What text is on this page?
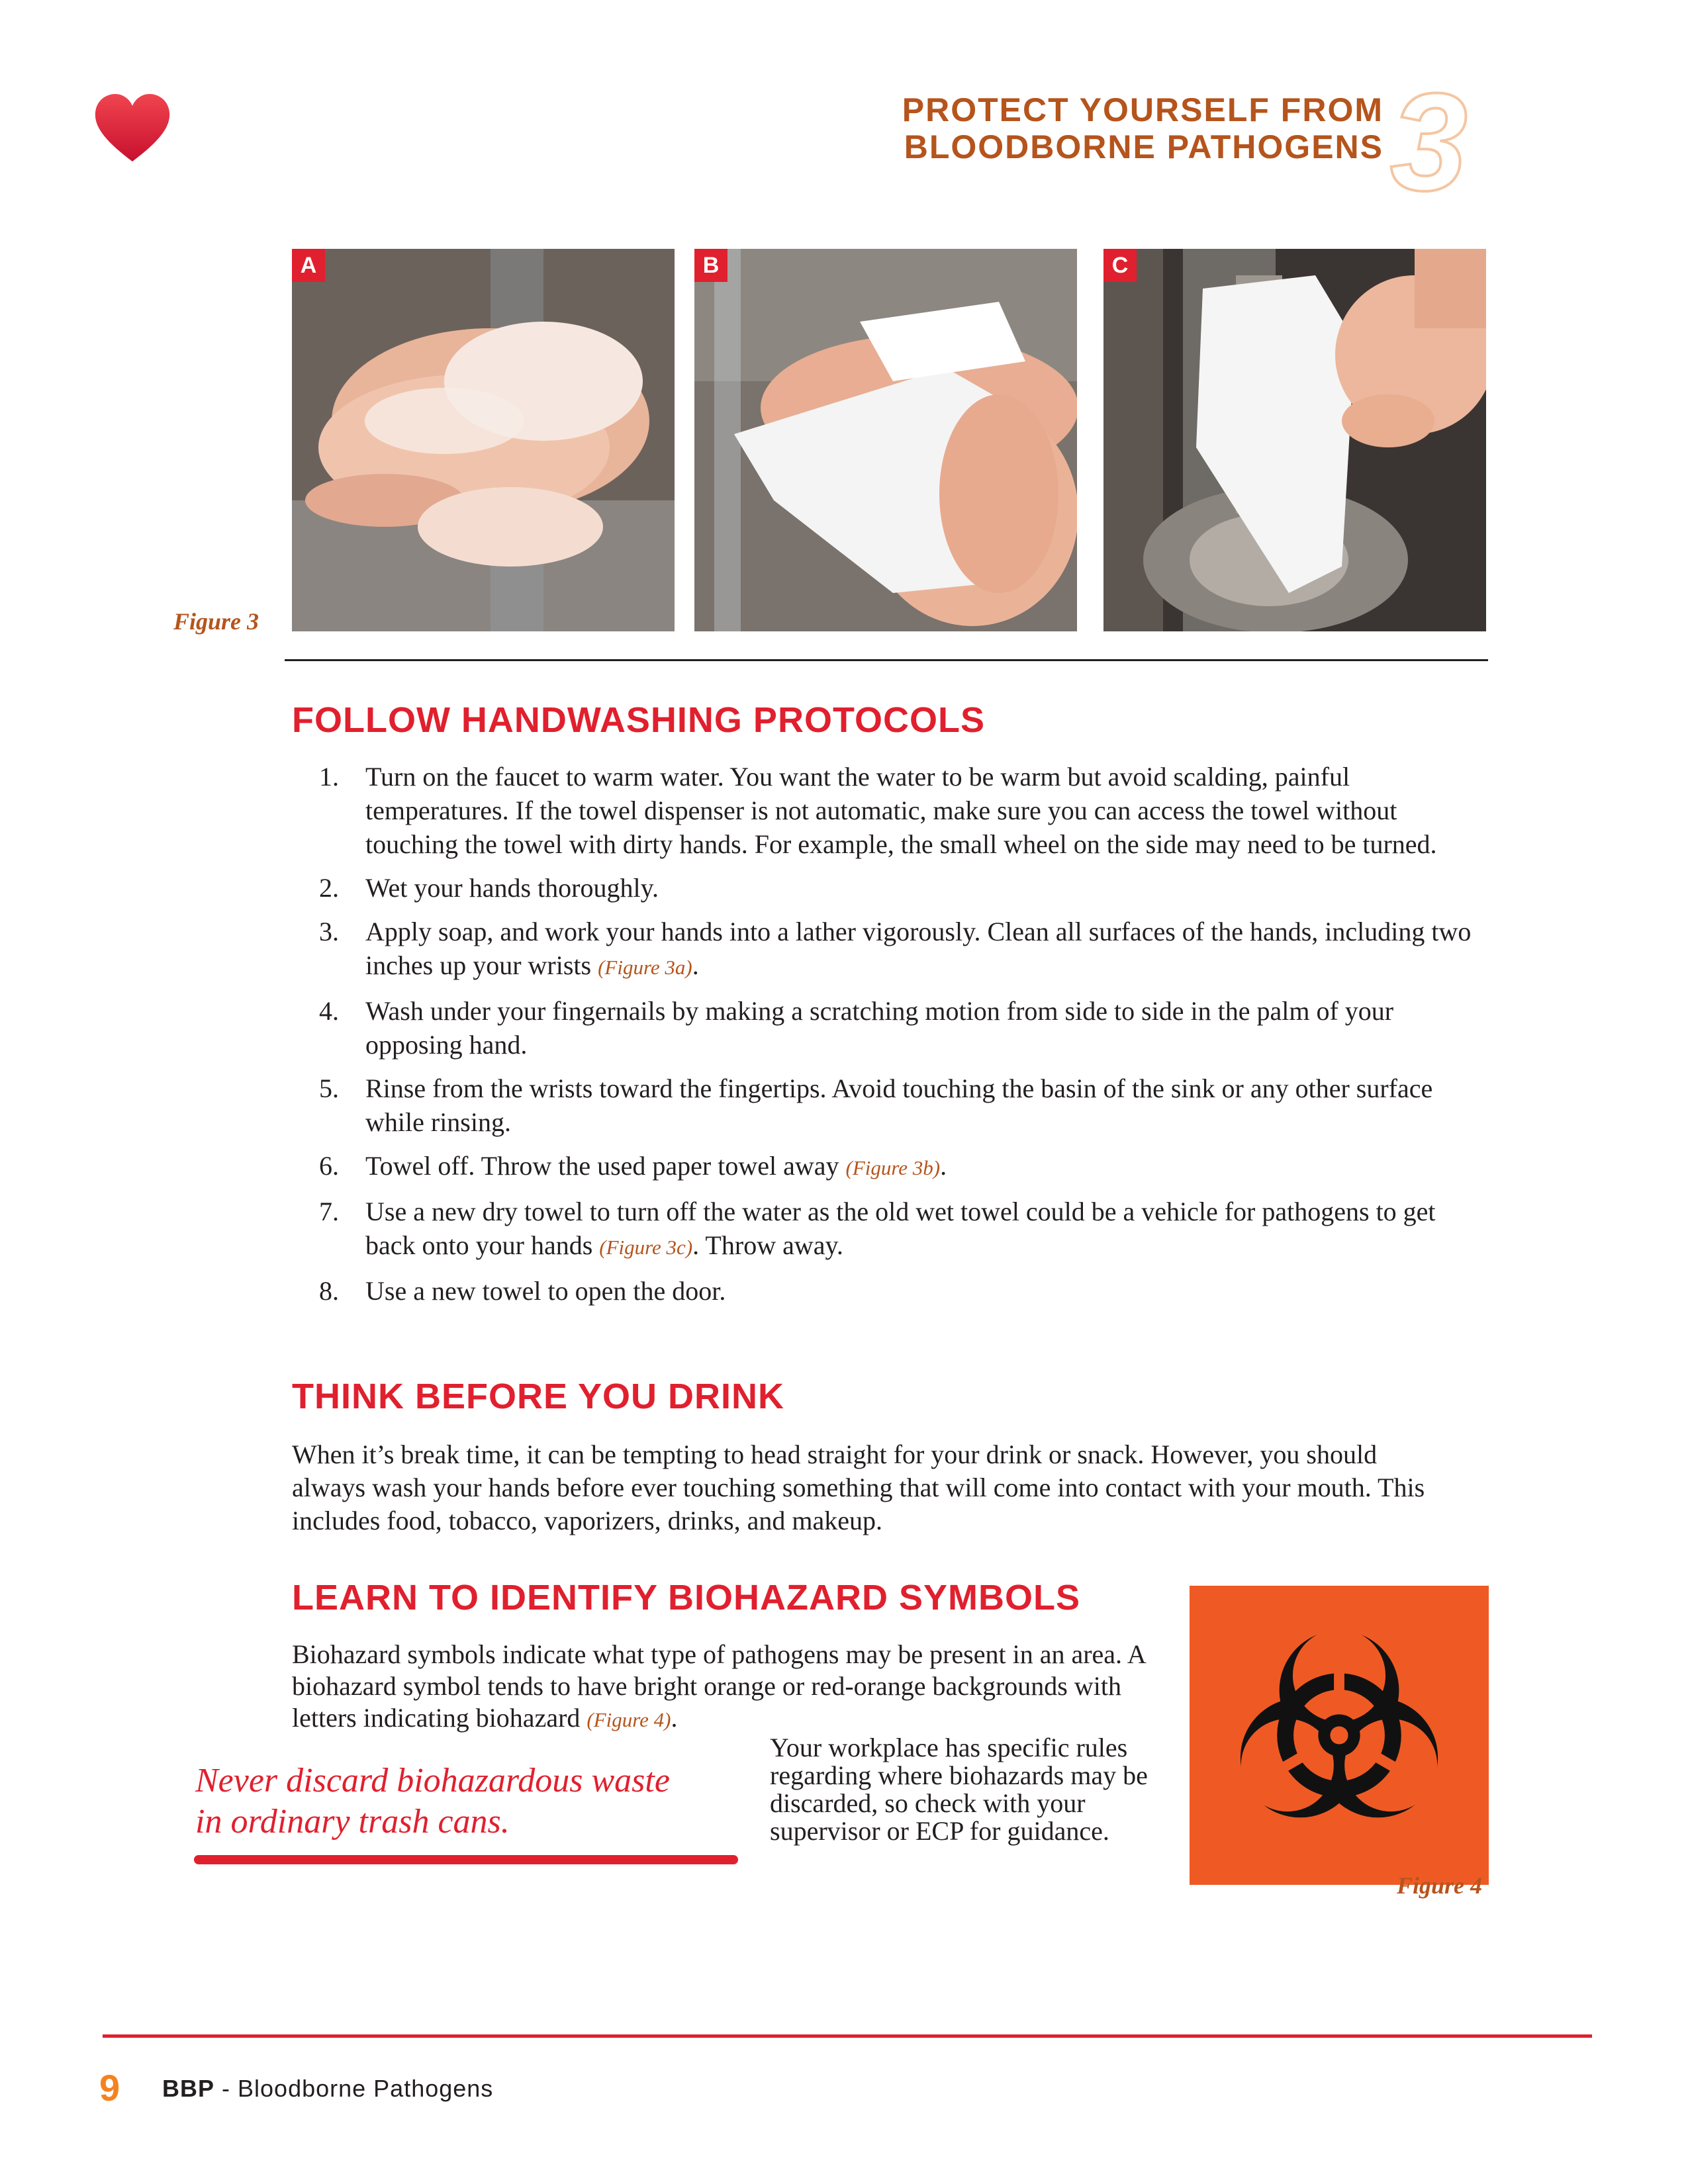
PROTECT YOURSELF FROM
BLOODBORNE PATHOGENS 3
A	B	C
Figure 3
FOLLOW HANDWASHING PROTOCOLS
1. Turn on the faucet to warm water. You want the water to be warm but avoid scalding, painful temperatures. If the towel dispenser is not automatic, make sure you can access the towel without touching the towel with dirty hands. For example, the small wheel on the side may need to be turned.
2. Wet your hands thoroughly.
3. Apply soap, and work your hands into a lather vigorously. Clean all surfaces of the hands, including two inches up your wrists (Figure 3a).
4. Wash under your fingernails by making a scratching motion from side to side in the palm of your opposing hand.
5. Rinse from the wrists toward the fingertips. Avoid touching the basin of the sink or any other surface while rinsing.
6. Towel off. Throw the used paper towel away (Figure 3b).
7. Use a new dry towel to turn off the water as the old wet towel could be a vehicle for pathogens to get back onto your hands (Figure 3c). Throw away.
8. Use a new towel to open the door.
THINK BEFORE YOU DRINK
When it’s break time, it can be tempting to head straight for your drink or snack. However, you should always wash your hands before ever touching something that will come into contact with your mouth. This includes food, tobacco, vaporizers, drinks, and makeup.
LEARN TO IDENTIFY BIOHAZARD SYMBOLS
Biohazard symbols indicate what type of pathogens may be present in an area. A biohazard symbol tends to have bright orange or red-orange backgrounds with letters indicating biohazard (Figure 4).
Your workplace has specific rules regarding where biohazards may be discarded, so check with your supervisor or ECP for guidance.
Never discard biohazardous waste
in ordinary trash cans.
Figure 4
9 BBP - Bloodborne Pathogens
